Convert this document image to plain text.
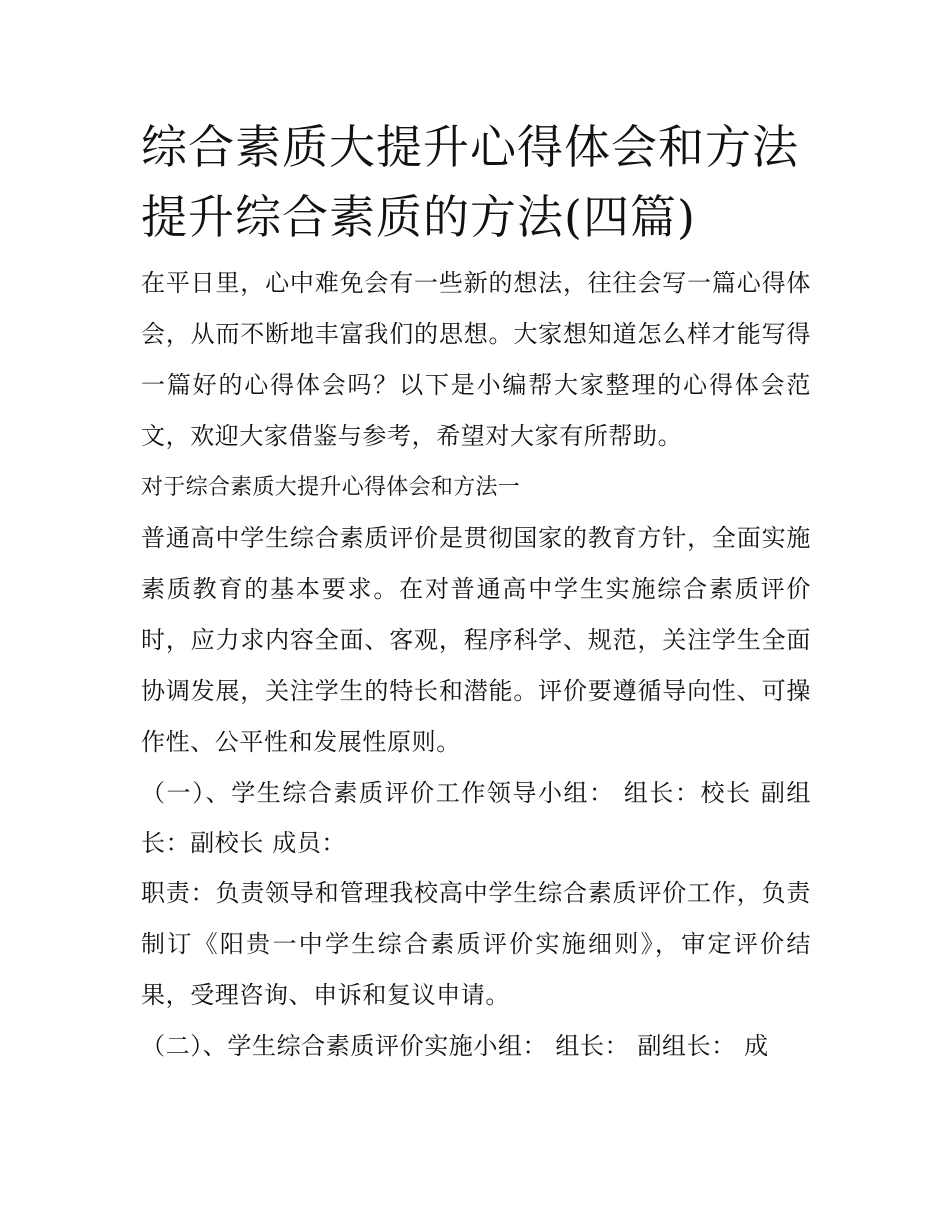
综合素质大提升心得体会和方法 提升综合素质的方法(四篇)

在平日里，心中难免会有一些新的想法，往往会写一篇心得体会，从而不断地丰富我们的思想。大家想知道怎么样才能写得一篇好的心得体会吗？以下是小编帮大家整理的心得体会范文，欢迎大家借鉴与参考，希望对大家有所帮助。

对于综合素质大提升心得体会和方法一

普通高中学生综合素质评价是贯彻国家的教育方针，全面实施素质教育的基本要求。在对普通高中学生实施综合素质评价时，应力求内容全面、客观，程序科学、规范，关注学生全面协调发展，关注学生的特长和潜能。评价要遵循导向性、可操作性、公平性和发展性原则。

（一）、学生综合素质评价工作领导小组： 组长：校长 副组长：副校长 成员：

职责：负责领导和管理我校高中学生综合素质评价工作，负责制订《阳贵一中学生综合素质评价实施细则》，审定评价结果，受理咨询、申诉和复议申请。

（二）、学生综合素质评价实施小组： 组长： 副组长： 成
